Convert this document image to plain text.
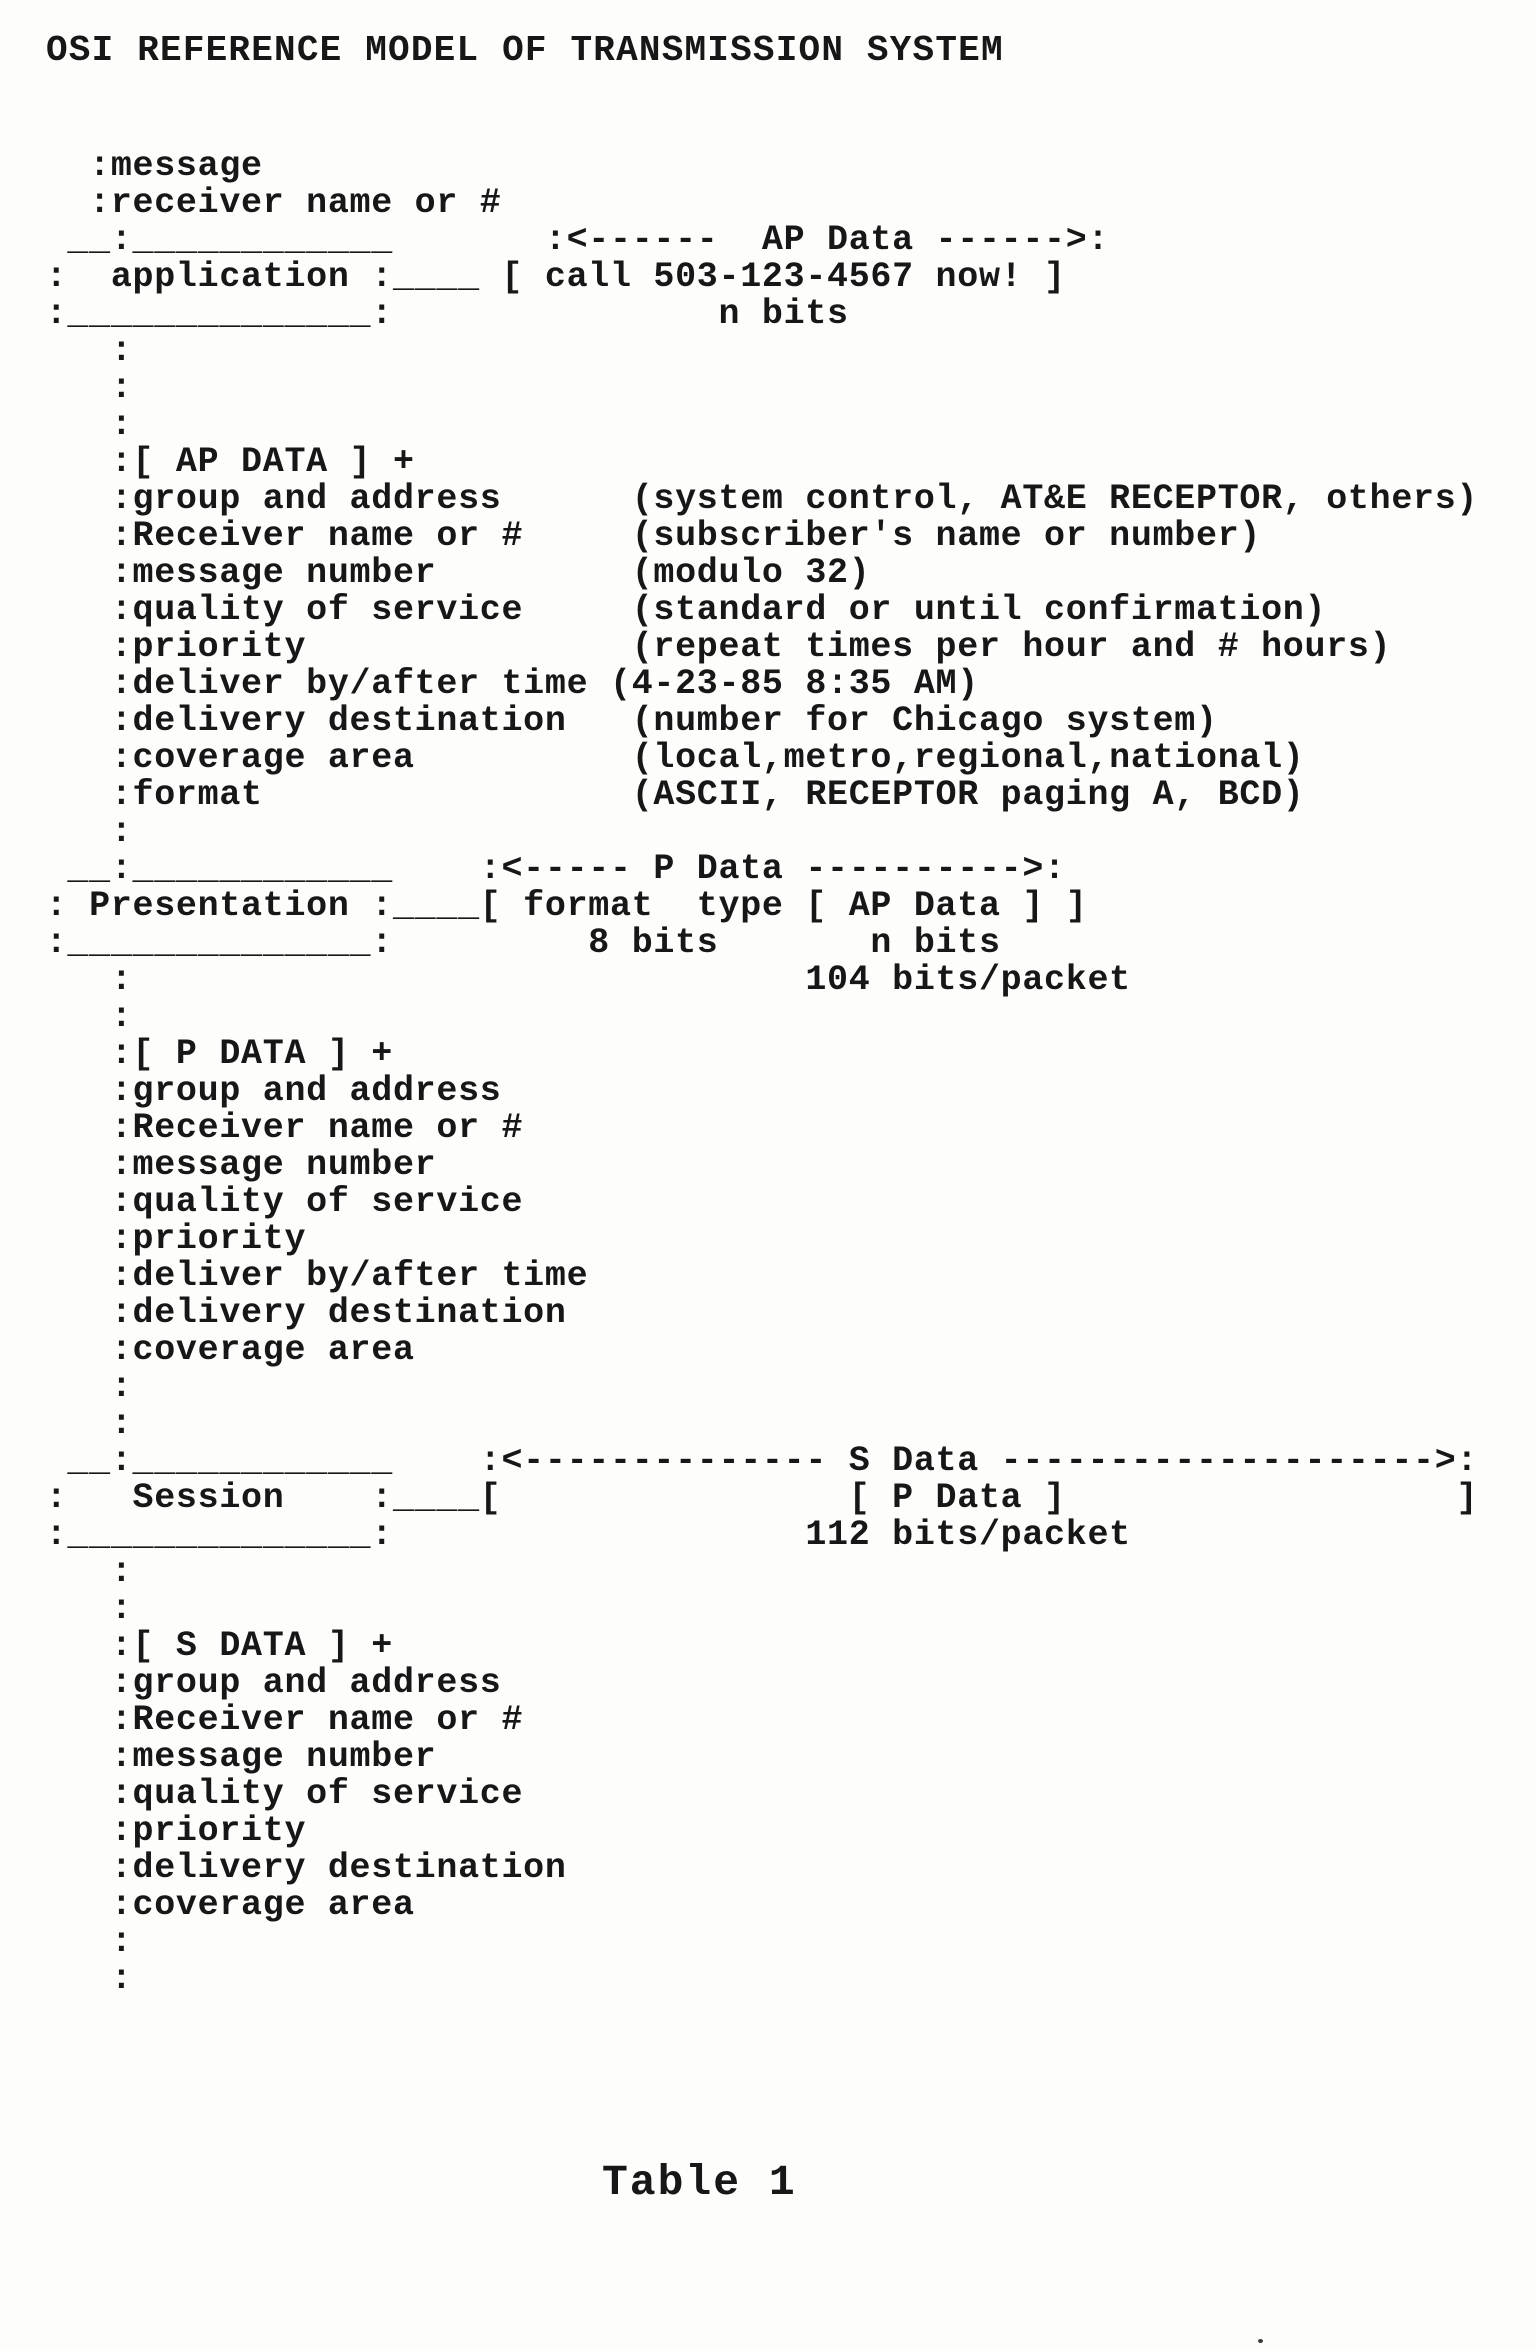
OSI REFERENCE MODEL OF TRANSMISSION SYSTEM
:message
:receiver name or #
__:____________       :<------  AP Data ------>:
:  application :____ [ call 503-123-4567 now! ]
:______________:               n bits
:
:
:
:[ AP DATA ] +
:group and address      (system control, AT&E RECEPTOR, others)
:Receiver name or #     (subscriber's name or number)
:message number         (modulo 32)
:quality of service     (standard or until confirmation)
:priority               (repeat times per hour and # hours)
:deliver by/after time (4-23-85 8:35 AM)
:delivery destination   (number for Chicago system)
:coverage area          (local,metro,regional,national)
:format                 (ASCII, RECEPTOR paging A, BCD)
:
__:____________    :<----- P Data ---------->:
: Presentation :____[ format  type [ AP Data ] ]
:______________:         8 bits       n bits
:                               104 bits/packet
:
:[ P DATA ] +
:group and address
:Receiver name or #
:message number
:quality of service
:priority
:deliver by/after time
:delivery destination
:coverage area
:
:
__:____________    :<-------------- S Data -------------------->:
:   Session    :____[                [ P Data ]                  ]
:______________:                   112 bits/packet
:
:
:[ S DATA ] +
:group and address
:Receiver name or #
:message number
:quality of service
:priority
:delivery destination
:coverage area
:
:
Table 1
